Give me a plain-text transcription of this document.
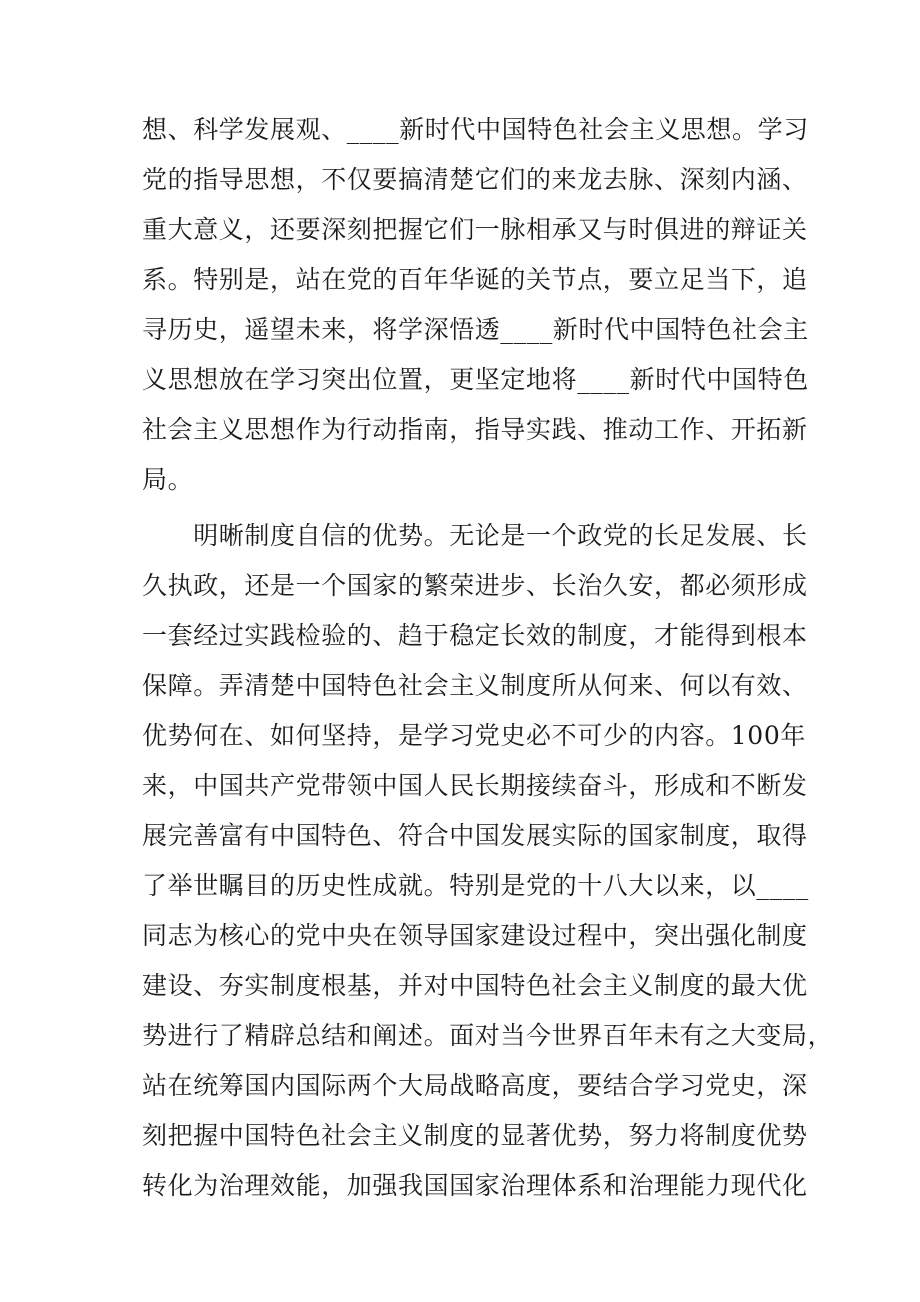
想、科学发展观、____新时代中国特色社会主义思想。学习
党的指导思想，不仅要搞清楚它们的来龙去脉、深刻内涵、
重大意义，还要深刻把握它们一脉相承又与时俱进的辩证关
系。特别是，站在党的百年华诞的关节点，要立足当下，追
寻历史，遥望未来，将学深悟透____新时代中国特色社会主
义思想放在学习突出位置，更坚定地将____新时代中国特色
社会主义思想作为行动指南，指导实践、推动工作、开拓新
局。
　　明晰制度自信的优势。无论是一个政党的长足发展、长
久执政，还是一个国家的繁荣进步、长治久安，都必须形成
一套经过实践检验的、趋于稳定长效的制度，才能得到根本
保障。弄清楚中国特色社会主义制度所从何来、何以有效、
优势何在、如何坚持，是学习党史必不可少的内容。100年
来，中国共产党带领中国人民长期接续奋斗，形成和不断发
展完善富有中国特色、符合中国发展实际的国家制度，取得
了举世瞩目的历史性成就。特别是党的十八大以来，以____
同志为核心的党中央在领导国家建设过程中，突出强化制度
建设、夯实制度根基，并对中国特色社会主义制度的最大优
势进行了精辟总结和阐述。面对当今世界百年未有之大变局，
站在统筹国内国际两个大局战略高度，要结合学习党史，深
刻把握中国特色社会主义制度的显著优势，努力将制度优势
转化为治理效能，加强我国国家治理体系和治理能力现代化
